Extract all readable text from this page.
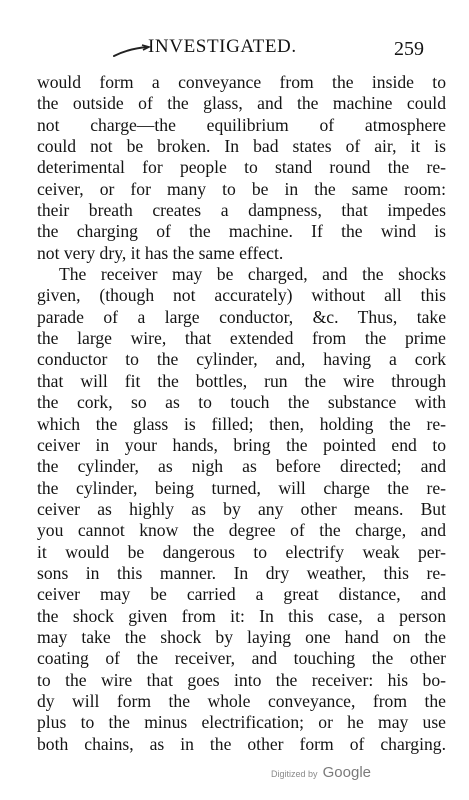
INVESTIGATED.	259
would form a conveyance from the inside to
the outside of the glass, and the machine could
not charge—the equilibrium of atmosphere
could not be broken. In bad states of air, it is
deterimental for people to stand round the re-
ceiver, or for many to be in the same room:
their breath creates a dampness, that impedes
the charging of the machine. If the wind is
not very dry, it has the same effect.
The receiver may be charged, and the shocks
given, (though not accurately) without all this
parade of a large conductor, &c. Thus, take
the large wire, that extended from the prime
conductor to the cylinder, and, having a cork
that will fit the bottles, run the wire through
the cork, so as to touch the substance with
which the glass is filled; then, holding the re-
ceiver in your hands, bring the pointed end to
the cylinder, as nigh as before directed; and
the cylinder, being turned, will charge the re-
ceiver as highly as by any other means. But
you cannot know the degree of the charge, and
it would be dangerous to electrify weak per-
sons in this manner. In dry weather, this re-
ceiver may be carried a great distance, and
the shock given from it: In this case, a person
may take the shock by laying one hand on the
coating of the receiver, and touching the other
to the wire that goes into the receiver: his bo-
dy will form the whole conveyance, from the
plus to the minus electrification; or he may use
both chains, as in the other form of charging.
Digitized by Google
